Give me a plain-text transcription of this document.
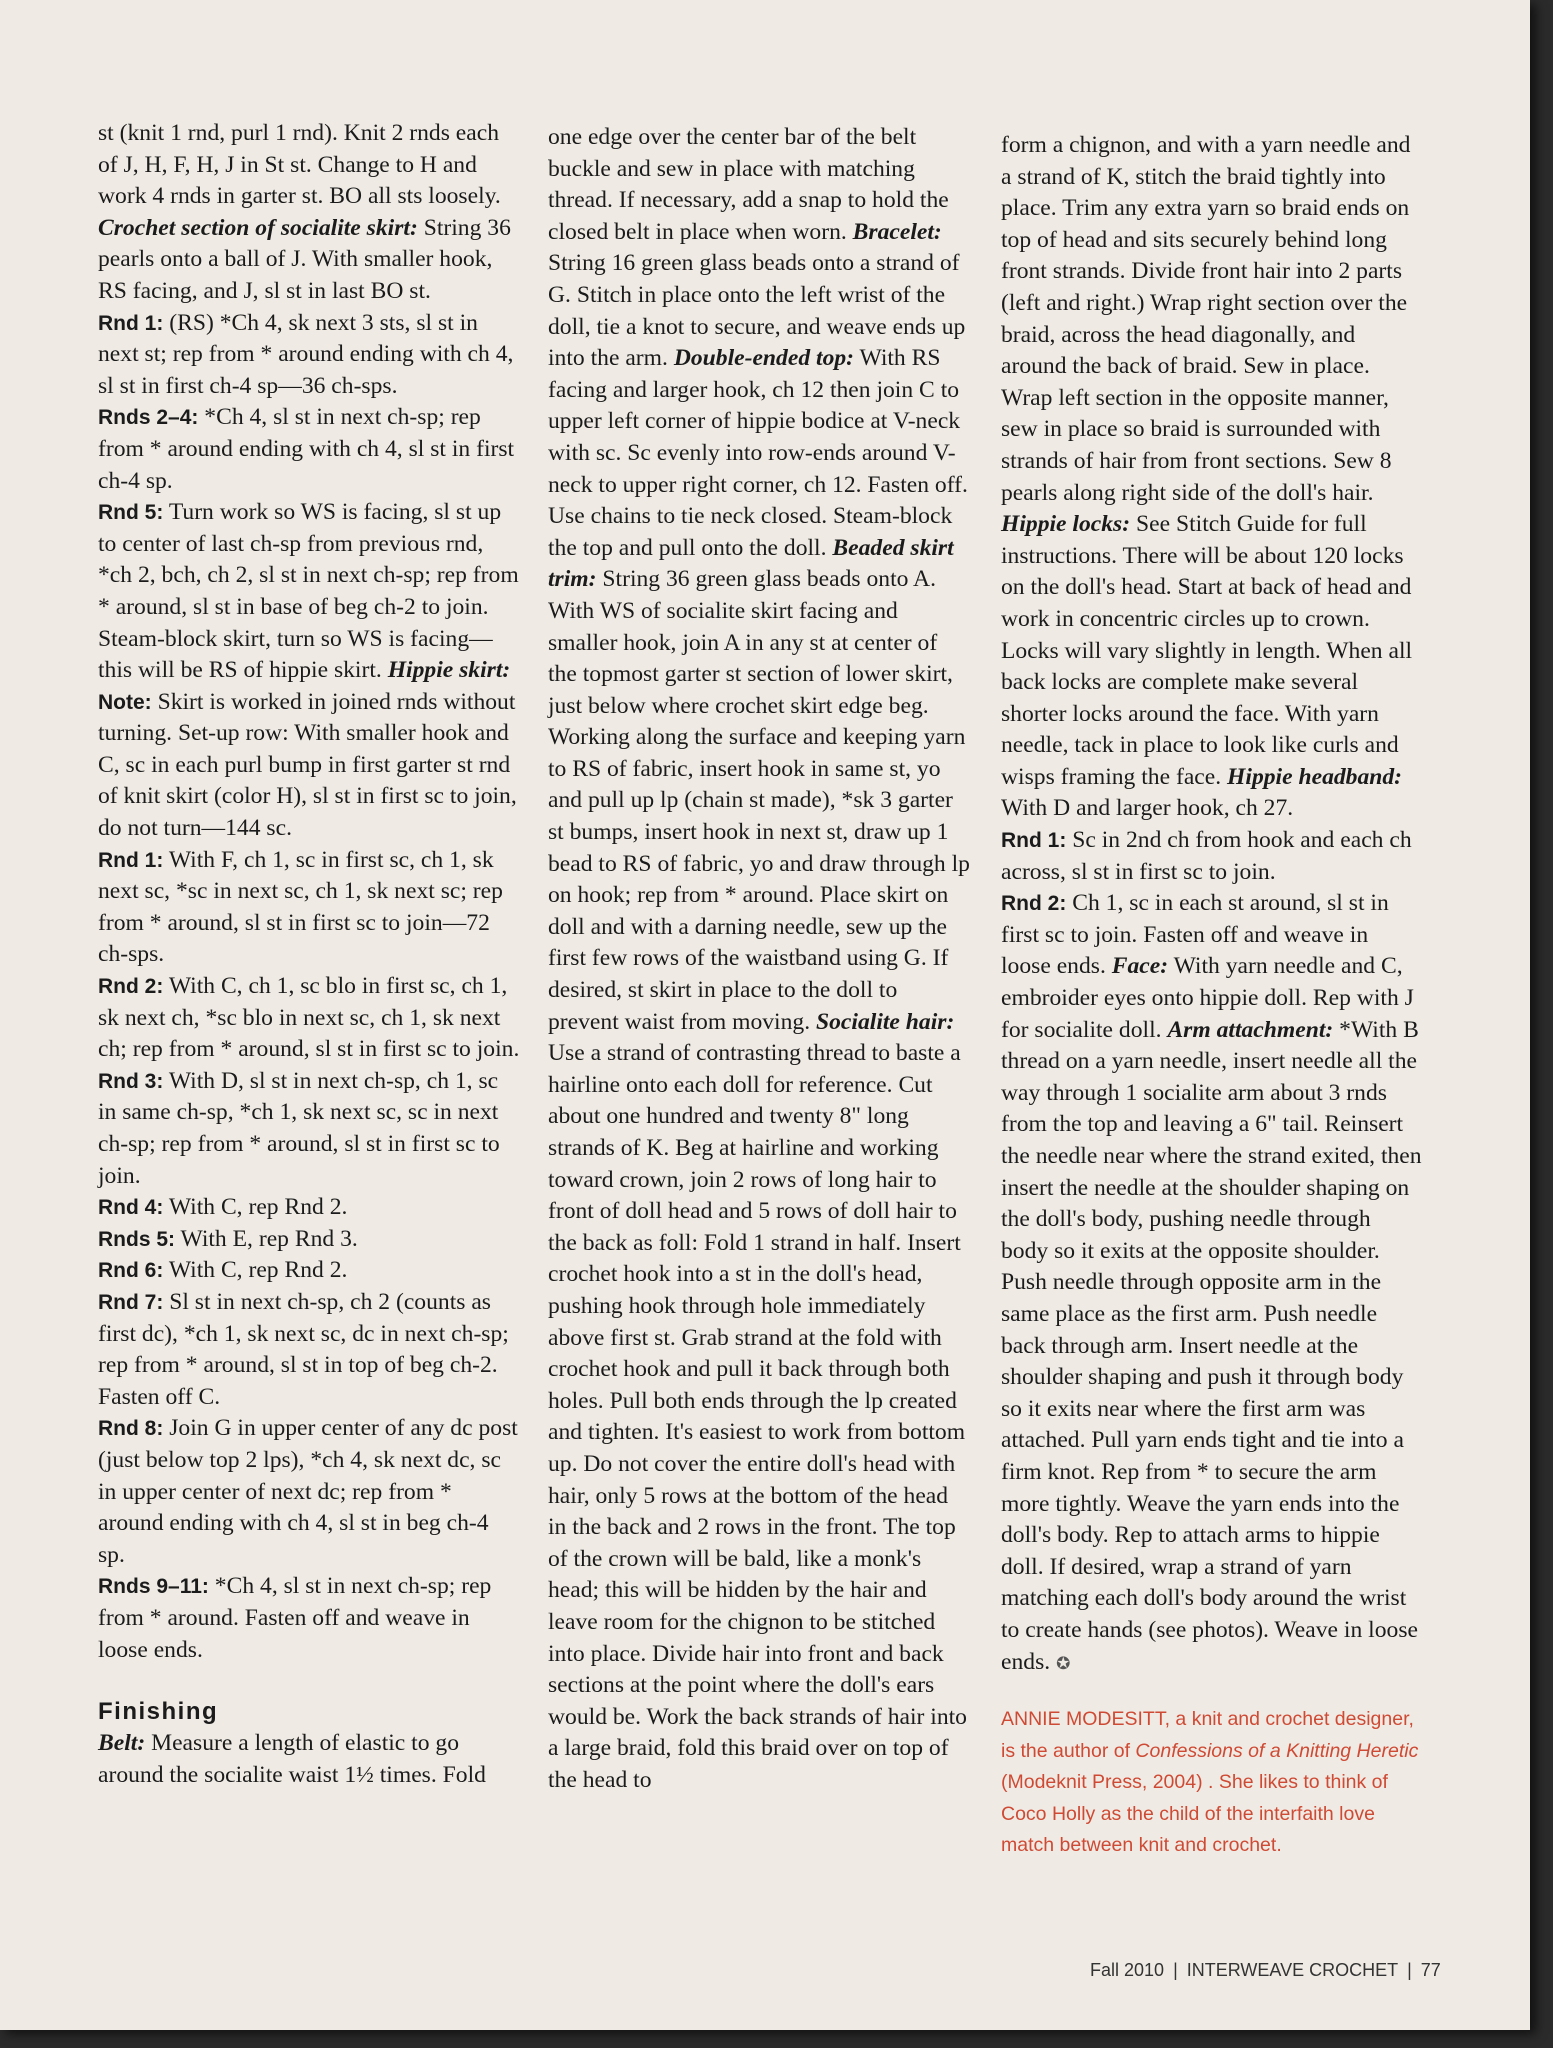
st (knit 1 rnd, purl 1 rnd). Knit 2 rnds each of J, H, F, H, J in St st. Change to H and work 4 rnds in garter st. BO all sts loosely. Crochet section of socialite skirt: String 36 pearls onto a ball of J. With smaller hook, RS facing, and J, sl st in last BO st.

Rnd 1: (RS) *Ch 4, sk next 3 sts, sl st in next st; rep from * around ending with ch 4, sl st in first ch-4 sp—36 ch-sps.

Rnds 2–4: *Ch 4, sl st in next ch-sp; rep from * around ending with ch 4, sl st in first ch-4 sp.

Rnd 5: Turn work so WS is facing, sl st up to center of last ch-sp from previous rnd, *ch 2, bch, ch 2, sl st in next ch-sp; rep from * around, sl st in base of beg ch-2 to join.

Steam-block skirt, turn so WS is facing—this will be RS of hippie skirt. Hippie skirt: Note: Skirt is worked in joined rnds without turning. Set-up row: With smaller hook and C, sc in each purl bump in first garter st rnd of knit skirt (color H), sl st in first sc to join, do not turn—144 sc.

Rnd 1: With F, ch 1, sc in first sc, ch 1, sk next sc, *sc in next sc, ch 1, sk next sc; rep from * around, sl st in first sc to join—72 ch-sps.

Rnd 2: With C, ch 1, sc blo in first sc, ch 1, sk next ch, *sc blo in next sc, ch 1, sk next ch; rep from * around, sl st in first sc to join.

Rnd 3: With D, sl st in next ch-sp, ch 1, sc in same ch-sp, *ch 1, sk next sc, sc in next ch-sp; rep from * around, sl st in first sc to join.

Rnd 4: With C, rep Rnd 2.

Rnds 5: With E, rep Rnd 3.

Rnd 6: With C, rep Rnd 2.

Rnd 7: Sl st in next ch-sp, ch 2 (counts as first dc), *ch 1, sk next sc, dc in next ch-sp; rep from * around, sl st in top of beg ch-2. Fasten off C.

Rnd 8: Join G in upper center of any dc post (just below top 2 lps), *ch 4, sk next dc, sc in upper center of next dc; rep from * around ending with ch 4, sl st in beg ch-4 sp.

Rnds 9–11: *Ch 4, sl st in next ch-sp; rep from * around. Fasten off and weave in loose ends.

Finishing

Belt: Measure a length of elastic to go around the socialite waist 1½ times. Fold

one edge over the center bar of the belt buckle and sew in place with matching thread. If necessary, add a snap to hold the closed belt in place when worn. Bracelet: String 16 green glass beads onto a strand of G. Stitch in place onto the left wrist of the doll, tie a knot to secure, and weave ends up into the arm. Double-ended top: With RS facing and larger hook, ch 12 then join C to upper left corner of hippie bodice at V-neck with sc. Sc evenly into row-ends around V-neck to upper right corner, ch 12. Fasten off. Use chains to tie neck closed. Steam-block the top and pull onto the doll. Beaded skirt trim: String 36 green glass beads onto A. With WS of socialite skirt facing and smaller hook, join A in any st at center of the topmost garter st section of lower skirt, just below where crochet skirt edge beg. Working along the surface and keeping yarn to RS of fabric, insert hook in same st, yo and pull up lp (chain st made), *sk 3 garter st bumps, insert hook in next st, draw up 1 bead to RS of fabric, yo and draw through lp on hook; rep from * around. Place skirt on doll and with a darning needle, sew up the first few rows of the waistband using G. If desired, st skirt in place to the doll to prevent waist from moving. Socialite hair: Use a strand of contrasting thread to baste a hairline onto each doll for reference. Cut about one hundred and twenty 8" long strands of K. Beg at hairline and working toward crown, join 2 rows of long hair to front of doll head and 5 rows of doll hair to the back as foll: Fold 1 strand in half. Insert crochet hook into a st in the doll's head, pushing hook through hole immediately above first st. Grab strand at the fold with crochet hook and pull it back through both holes. Pull both ends through the lp created and tighten. It's easiest to work from bottom up. Do not cover the entire doll's head with hair, only 5 rows at the bottom of the head in the back and 2 rows in the front. The top of the crown will be bald, like a monk's head; this will be hidden by the hair and leave room for the chignon to be stitched into place. Divide hair into front and back sections at the point where the doll's ears would be. Work the back strands of hair into a large braid, fold this braid over on top of the head to

form a chignon, and with a yarn needle and a strand of K, stitch the braid tightly into place. Trim any extra yarn so braid ends on top of head and sits securely behind long front strands. Divide front hair into 2 parts (left and right.) Wrap right section over the braid, across the head diagonally, and around the back of braid. Sew in place. Wrap left section in the opposite manner, sew in place so braid is surrounded with strands of hair from front sections. Sew 8 pearls along right side of the doll's hair. Hippie locks: See Stitch Guide for full instructions. There will be about 120 locks on the doll's head. Start at back of head and work in concentric circles up to crown. Locks will vary slightly in length. When all back locks are complete make several shorter locks around the face. With yarn needle, tack in place to look like curls and wisps framing the face. Hippie headband: With D and larger hook, ch 27.

Rnd 1: Sc in 2nd ch from hook and each ch across, sl st in first sc to join.

Rnd 2: Ch 1, sc in each st around, sl st in first sc to join. Fasten off and weave in loose ends. Face: With yarn needle and C, embroider eyes onto hippie doll. Rep with J for socialite doll. Arm attachment: *With B thread on a yarn needle, insert needle all the way through 1 socialite arm about 3 rnds from the top and leaving a 6" tail. Reinsert the needle near where the strand exited, then insert the needle at the shoulder shaping on the doll's body, pushing needle through body so it exits at the opposite shoulder. Push needle through opposite arm in the same place as the first arm. Push needle back through arm. Insert needle at the shoulder shaping and push it through body so it exits near where the first arm was attached. Pull yarn ends tight and tie into a firm knot. Rep from * to secure the arm more tightly. Weave the yarn ends into the doll's body. Rep to attach arms to hippie doll. If desired, wrap a strand of yarn matching each doll's body around the wrist to create hands (see photos). Weave in loose ends. ✪

ANNIE MODESITT, a knit and crochet designer, is the author of Confessions of a Knitting Heretic (Modeknit Press, 2004) . She likes to think of Coco Holly as the child of the interfaith love match between knit and crochet.

Fall 2010 | INTERWEAVE CROCHET | 77
